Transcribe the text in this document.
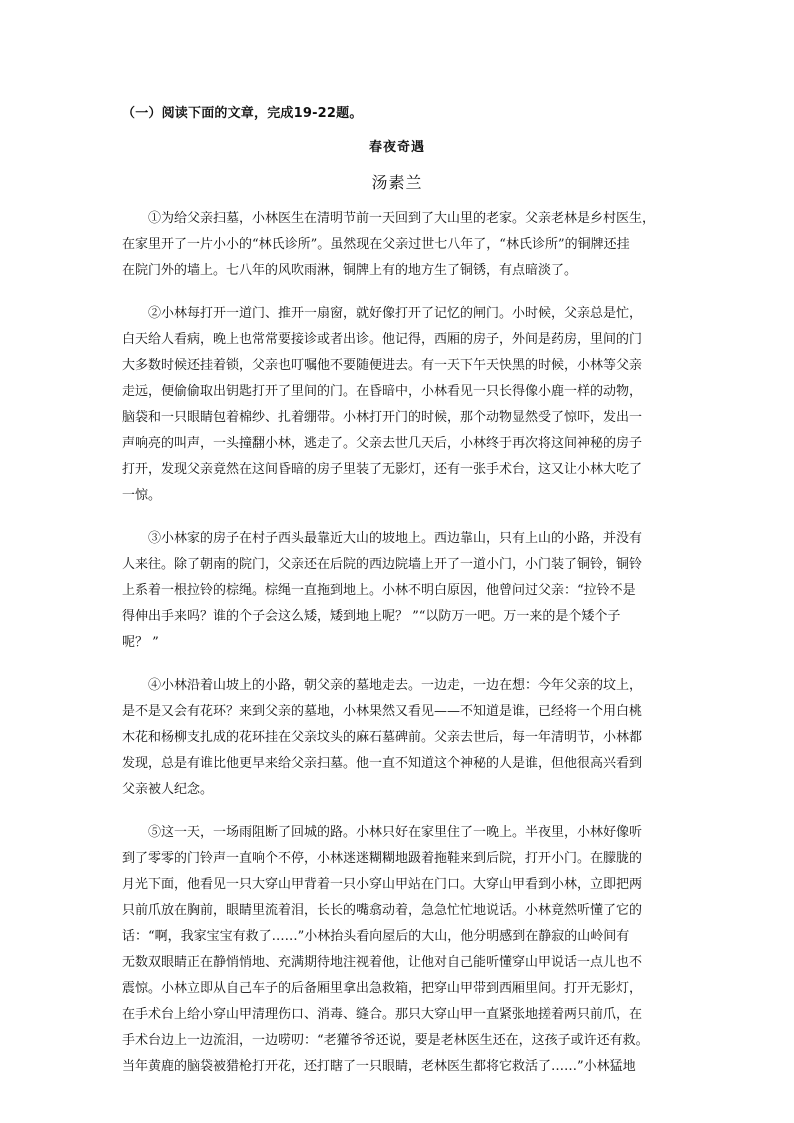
（一）阅读下面的文章，完成19-22题。
春夜奇遇
汤素兰
①为给父亲扫墓，小林医生在清明节前一天回到了大山里的老家。父亲老林是乡村医生，
在家里开了一片小小的“林氏诊所”。虽然现在父亲过世七八年了，“林氏诊所”的铜牌还挂
在院门外的墙上。七八年的风吹雨淋，铜牌上有的地方生了铜锈，有点暗淡了。
②小林每打开一道门、推开一扇窗，就好像打开了记忆的闸门。小时候，父亲总是忙，
白天给人看病，晚上也常常要接诊或者出诊。他记得，西厢的房子，外间是药房，里间的门
大多数时候还挂着锁，父亲也叮嘱他不要随便进去。有一天下午天快黑的时候，小林等父亲
走远，便偷偷取出钥匙打开了里间的门。在昏暗中，小林看见一只长得像小鹿一样的动物，
脑袋和一只眼睛包着棉纱、扎着绷带。小林打开门的时候，那个动物显然受了惊吓，发出一
声响亮的叫声，一头撞翻小林，逃走了。父亲去世几天后，小林终于再次将这间神秘的房子
打开，发现父亲竟然在这间昏暗的房子里装了无影灯，还有一张手术台，这又让小林大吃了
一惊。
③小林家的房子在村子西头最靠近大山的坡地上。西边靠山，只有上山的小路，并没有
人来往。除了朝南的院门，父亲还在后院的西边院墙上开了一道小门，小门装了铜铃，铜铃
上系着一根拉铃的棕绳。棕绳一直拖到地上。小林不明白原因，他曾问过父亲：“拉铃不是
得伸出手来吗？谁的个子会这么矮，矮到地上呢？ ”“以防万一吧。万一来的是个矮个子
呢？ ”
④小林沿着山坡上的小路，朝父亲的墓地走去。一边走，一边在想：今年父亲的坟上，
是不是又会有花环？来到父亲的墓地，小林果然又看见——不知道是谁，已经将一个用白桃
木花和杨柳支扎成的花环挂在父亲坟头的麻石墓碑前。父亲去世后，每一年清明节，小林都
发现，总是有谁比他更早来给父亲扫墓。他一直不知道这个神秘的人是谁，但他很高兴看到
父亲被人纪念。
⑤这一天，一场雨阻断了回城的路。小林只好在家里住了一晚上。半夜里，小林好像听
到了零零的门铃声一直响个不停，小林迷迷糊糊地趿着拖鞋来到后院，打开小门。在朦胧的
月光下面，他看见一只大穿山甲背着一只小穿山甲站在门口。大穿山甲看到小林，立即把两
只前爪放在胸前，眼睛里流着泪，长长的嘴翕动着，急急忙忙地说话。小林竟然听懂了它的
话：“啊，我家宝宝有救了……”小林抬头看向屋后的大山，他分明感到在静寂的山岭间有
无数双眼睛正在静悄悄地、充满期待地注视着他，让他对自己能听懂穿山甲说话一点儿也不
震惊。小林立即从自己车子的后备厢里拿出急救箱，把穿山甲带到西厢里间。打开无影灯，
在手术台上给小穿山甲清理伤口、消毒、缝合。那只大穿山甲一直紧张地搓着两只前爪，在
手术台边上一边流泪，一边唠叨：“老獾爷爷还说，要是老林医生还在，这孩子或许还有救。
当年黄鹿的脑袋被猎枪打开花，还打瞎了一只眼睛，老林医生都将它救活了……”小林猛地
